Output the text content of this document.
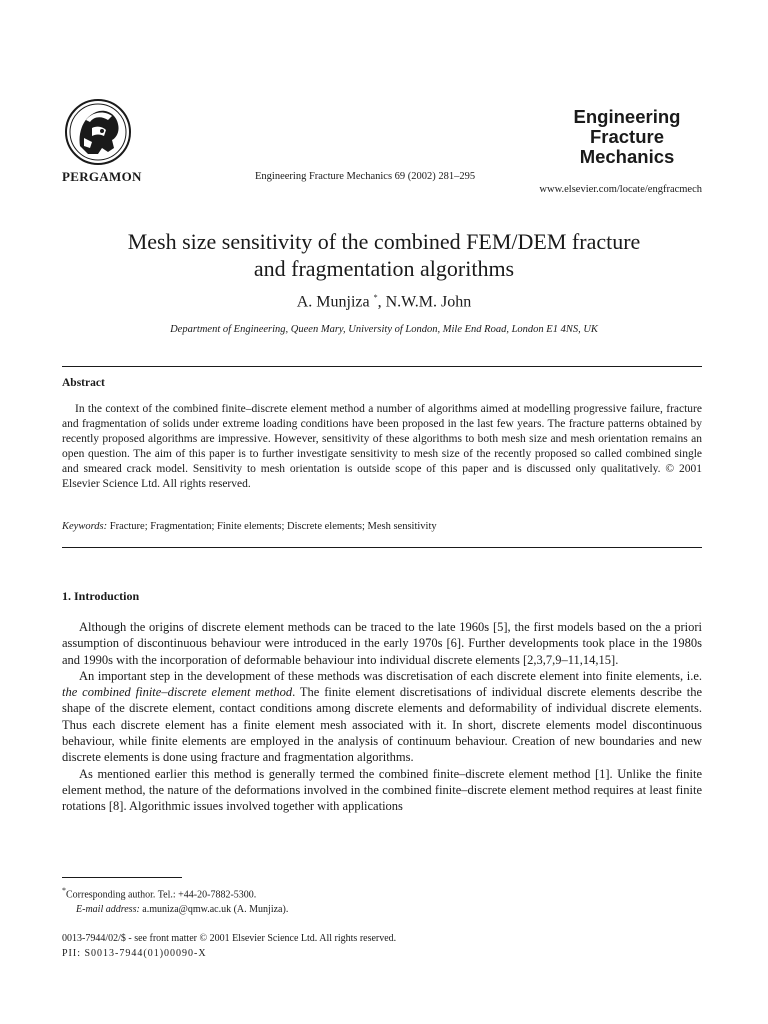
PERGAMON	Engineering Fracture Mechanics 69 (2002) 281–295
Engineering
Fracture
Mechanics
www.elsevier.com/locate/engfracmech
Mesh size sensitivity of the combined FEM/DEM fracture
and fragmentation algorithms
A. Munjiza *, N.W.M. John
Department of Engineering, Queen Mary, University of London, Mile End Road, London E1 4NS, UK
Abstract
In the context of the combined finite–discrete element method a number of algorithms aimed at modelling progressive failure, fracture and fragmentation of solids under extreme loading conditions have been proposed in the last few years. The fracture patterns obtained by recently proposed algorithms are impressive. However, sensitivity of these algorithms to both mesh size and mesh orientation remains an open question. The aim of this paper is to further investigate sensitivity to mesh size of the recently proposed so called combined single and smeared crack model. Sensitivity to mesh orientation is outside scope of this paper and is discussed only qualitatively. © 2001 Elsevier Science Ltd. All rights reserved.
Keywords: Fracture; Fragmentation; Finite elements; Discrete elements; Mesh sensitivity
1. Introduction

Although the origins of discrete element methods can be traced to the late 1960s [5], the first models based on the a priori assumption of discontinuous behaviour were introduced in the early 1970s [6]. Further developments took place in the 1980s and 1990s with the incorporation of deformable behaviour into individual discrete elements [2,3,7,9–11,14,15].

An important step in the development of these methods was discretisation of each discrete element into finite elements, i.e. the combined finite–discrete element method. The finite element discretisations of individual discrete elements describe the shape of the discrete element, contact conditions among discrete elements and deformability of individual discrete elements. Thus each discrete element has a finite element mesh associated with it. In short, discrete elements model discontinuous behaviour, while finite elements are employed in the analysis of continuum behaviour. Creation of new boundaries and new discrete elements is done using fracture and fragmentation algorithms.

As mentioned earlier this method is generally termed the combined finite–discrete element method [1]. Unlike the finite element method, the nature of the deformations involved in the combined finite–discrete element method requires at least finite rotations [8]. Algorithmic issues involved together with applications

*Corresponding author. Tel.: +44-20-7882-5300.
E-mail address: a.muniza@qmw.ac.uk (A. Munjiza).
0013-7944/02/$ - see front matter © 2001 Elsevier Science Ltd. All rights reserved.
PII: S0013-7944(01)00090-X
